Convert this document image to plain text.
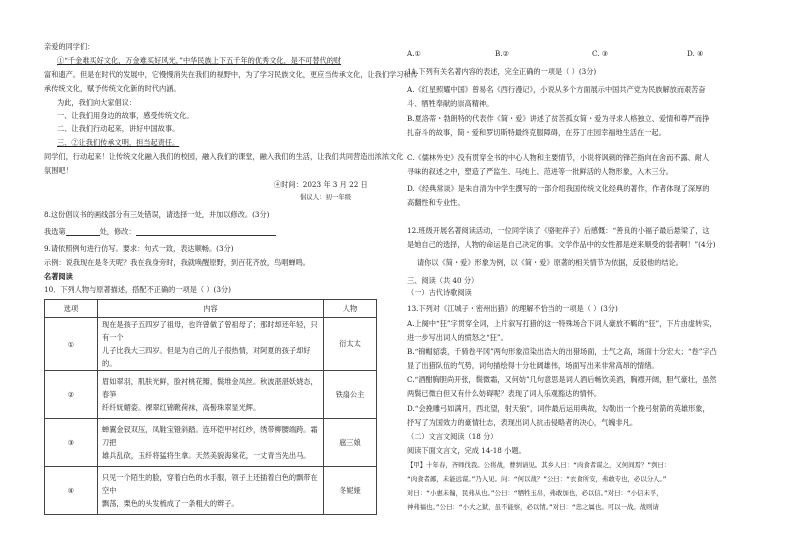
亲爱的同学们：
①“千金难买好文化，万金难买好风光，”中华民族上下五千年的优秀文化，是不可替代的财
富和遗产。但是在时代的发展中，它慢慢消失在我们的视野中，为了学习民族文化，更应当传承文化，让我们学习和传
承传统文化，赋予传统文化新的时代内涵。
为此，我们向大家倡议：
一、让我们用身边的故事，感受传统文化。
二、让我们行动起来，讲好中国故事。
三、②让我们传承文明，担当起责任。
同学们，行动起来！让传统文化融入我们的校园，融入我们的课堂，融入我们的生活，让我们共同营造出浓浓文化
氛围吧！
④时间：2023 年 3 月 22 日
倡议人：初一年级
8.这份倡议书的画线部分有三处错误，请选择一处，并加以修改。(3分)
我选第	处，修改：
9.请依照例句进行仿写。要求：句式一致，表达顺畅。(3分)
示例：说我现在是冬天呢？我在我身旁时，我就唤醒原野，到百花齐放，鸟唱蝉鸣。
名著阅读
10．下列人物与原著描述，搭配不正确的一项是（ ）(3分)
选项	内容	人物
①	现在是孩子五四岁了祖母，也许曾做了曾祖母了；那时却还年轻，只有一个
儿子比我大三四岁。但是为自己的儿子很热情，对阿夏的孩子却好的。	衍太太
②	眉如翠羽，肌肤光鲜，脸衬桃花瓣，鬓堆金凤丝。秋波湛湛妖娆态，春笋
纤纤妩媚姿。裸翠红锦靴荷袜，高髻珠翠显光辉。	铁扇公主
③	蝉翼金钗双压，凤鞋宝镫斜踏。连环铠甲衬红纱，绣带柳腰端跨。霜刀把
雄兵乱砍，玉纤将猛将生拿。天然美貌海棠花，一丈青当先出马。	扈三娘
④	只见一个陌生的脸，穿着白色的水手服，领子上还插着白色的飘带在空中
飘荡，栗色的头发梳成了一条粗大的辫子。	冬妮娅
A.①	B.②	C. ③	D. ④
11.下列有关名著内容的表述，完全正确的一项是（ ）(3分)
A.《红星照耀中国》曾易名《西行漫记》，小说从多个方面展示中国共产党为民族解放而艰苦奋
斗、牺牲奉献的崇高精神。
B.夏洛蒂・勃朗特的代表作《简・爱》讲述了贫苦孤女简・爱为寻求人格独立、爱情和尊严而挣
扎奋斗的故事，简・爱和罗切斯特最终克服障碍，在芬丁庄园幸福地生活在一起。
C.《儒林外史》没有贯穿全书的中心人物和主要情节，小说将讽刺的锋芒指向在舍而不露、耐人
寻味的叙述之中，塑造了严监生、马纯上、范进等一批鲜活的人物形象，入木三分。
D.《经典常谈》是朱自清为中学生撰写的一部介绍我国传统文化经典的著作，作者体现了深厚的
高翻性和专业性。
12.班级开展名著阅读活动，一位同学读了《骆驼祥子》后感慨：“善良的小福子最后悬梁了，这
是她自己的选择，人物的命运是自己决定的事。文学作品中的女性都是逆来顺受的弱者啊！”(4分)
请你以《简・爱》形象为例，以《简・爱》原著的相关情节为依据，反驳他的结论。
三、阅读（共 40 分）
（一）古代诗歌阅读
13.下列对《江城子・密州出猎》的理解不恰当的一项是（ ）(3分)
A.上阕中“狂”字贯穿全词，上片叙写打猎的这一特殊场合下词人豪放不羁的“狂”，下片由虚转实，
进一步写出词人的愤怒之“狂”。
B.“锦帽貂裘，千骑卷平冈”两句形象渲染出浩大的出猎场面，士气之高，场面十分宏大；“卷”字凸
显了出猎队伍的气势，词句描绘得十分壮阔雄伟，场面写出来非常高昂的情绪。
C.“酒酣胸胆尚开张，鬓微霜，又何妨”几句意思是词人酒后畅饮美酒，胸襟开阔，胆气豪壮，虽然
两鬓已微白但又有什么妨碍呢？表现了词人乐观豁达的情怀。
D.“会挽雕弓如满月，西北望，射天狼”，词作最后运用典故，勾勒出一个挽弓射箭的英雄形象，
抒写了为国效力的豪情壮志，表现出词人抗击侵略者的决心，气魄非凡。
（二）文言文阅读（18 分）
阅读下面文言文，完成 14-18 小题。
【甲】十年春，齐师伐我。公将战，曹刿请见。其乡人曰：“肉食者谋之，又何间焉？”刿曰：
“肉食者鄙，未能远谋。”乃入见。问：“何以战？”公曰：“衣食所安，弗敢专也，必以分人。”
对曰：“小惠未徧，民弗从也。”公曰：“牺牲玉帛，弗敢加也，必以信。”对曰：“小信未孚，
神弗福也。”公曰：“小大之狱，虽不能察，必以情。”对曰：“忠之属也。可以一战。战则请
